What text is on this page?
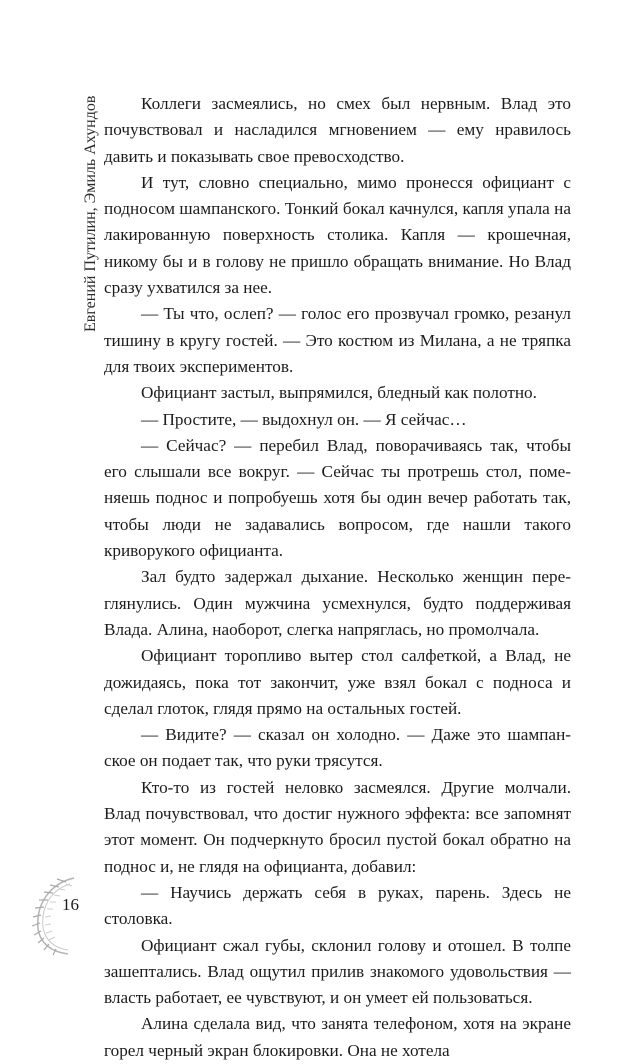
Евгений Путилин, Эмиль Ахундов	Коллеги засмеялись, но смех был нервным. Влад это почувствовал и насладился мгновением — ему нравилось давить и показывать свое превосходство.

И тут, словно специально, мимо пронесся официант с подносом шампанского. Тонкий бокал качнулся, капля упала на лакированную поверхность столика. Капля — крошечная, никому бы и в голову не пришло обращать внимание. Но Влад сразу ухватился за нее.

— Ты что, ослеп? — голос его прозвучал громко, резанул тишину в кругу гостей. — Это костюм из Милана, а не тряпка для твоих экспериментов.

Официант застыл, выпрямился, бледный как полотно.

— Простите, — выдохнул он. — Я сейчас…

— Сейчас? — перебил Влад, поворачиваясь так, чтобы его слышали все вокруг. — Сейчас ты протрешь стол, поменяешь поднос и попробуешь хотя бы один вечер работать так, чтобы люди не задавались вопросом, где нашли такого криворукого официанта.

Зал будто задержал дыхание. Несколько женщин переглянулись. Один мужчина усмехнулся, будто поддерживая Влада. Алина, наоборот, слегка напряглась, но промолчала.

Официант торопливо вытер стол салфеткой, а Влад, не дожидаясь, пока тот закончит, уже взял бокал с подноса и сделал глоток, глядя прямо на остальных гостей.

— Видите? — сказал он холодно. — Даже это шампанское он подает так, что руки трясутся.

Кто-то из гостей неловко засмеялся. Другие молчали. Влад почувствовал, что достиг нужного эффекта: все запомнят этот момент. Он подчеркнуто бросил пустой бокал обратно на поднос и, не глядя на официанта, добавил:

— Научись держать себя в руках, парень. Здесь не столовка.

Официант сжал губы, склонил голову и отошел. В толпе зашептались. Влад ощутил прилив знакомого удовольствия — власть работает, ее чувствуют, и он умеет ей пользоваться.

Алина сделала вид, что занята телефоном, хотя на экране горел черный экран блокировки. Она не хотела

16
